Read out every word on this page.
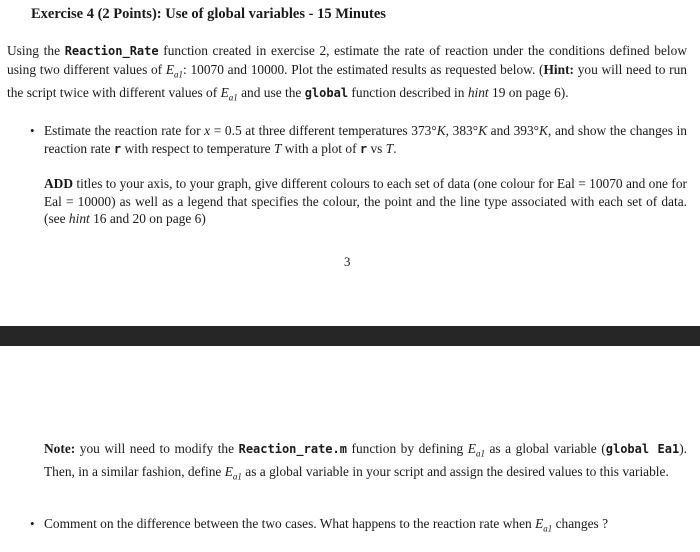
Exercise 4 (2 Points): Use of global variables - 15 Minutes

Using the Reaction_Rate function created in exercise 2, estimate the rate of reaction under the conditions defined below using two different values of $E_{a1}$: 10070 and 10000. Plot the estimated results as requested below. (Hint: you will need to run the script twice with different values of $E_{a1}$ and use the global function described in hint 19 on page 6).

• Estimate the reaction rate for x = 0.5 at three different temperatures 373°K, 383°K and 393°K, and show the changes in reaction rate r with respect to temperature T with a plot of r vs T.

ADD titles to your axis, to your graph, give different colours to each set of data (one colour for Eal = 10070 and one for Eal = 10000) as well as a legend that specifies the colour, the point and the line type associated with each set of data. (see hint 16 and 20 on page 6)

3

Note: you will need to modify the Reaction_rate.m function by defining $E_{a1}$ as a global variable (global Ea1). Then, in a similar fashion, define $E_{a1}$ as a global variable in your script and assign the desired values to this variable.

• Comment on the difference between the two cases. What happens to the reaction rate when $E_{a1}$ changes ?
